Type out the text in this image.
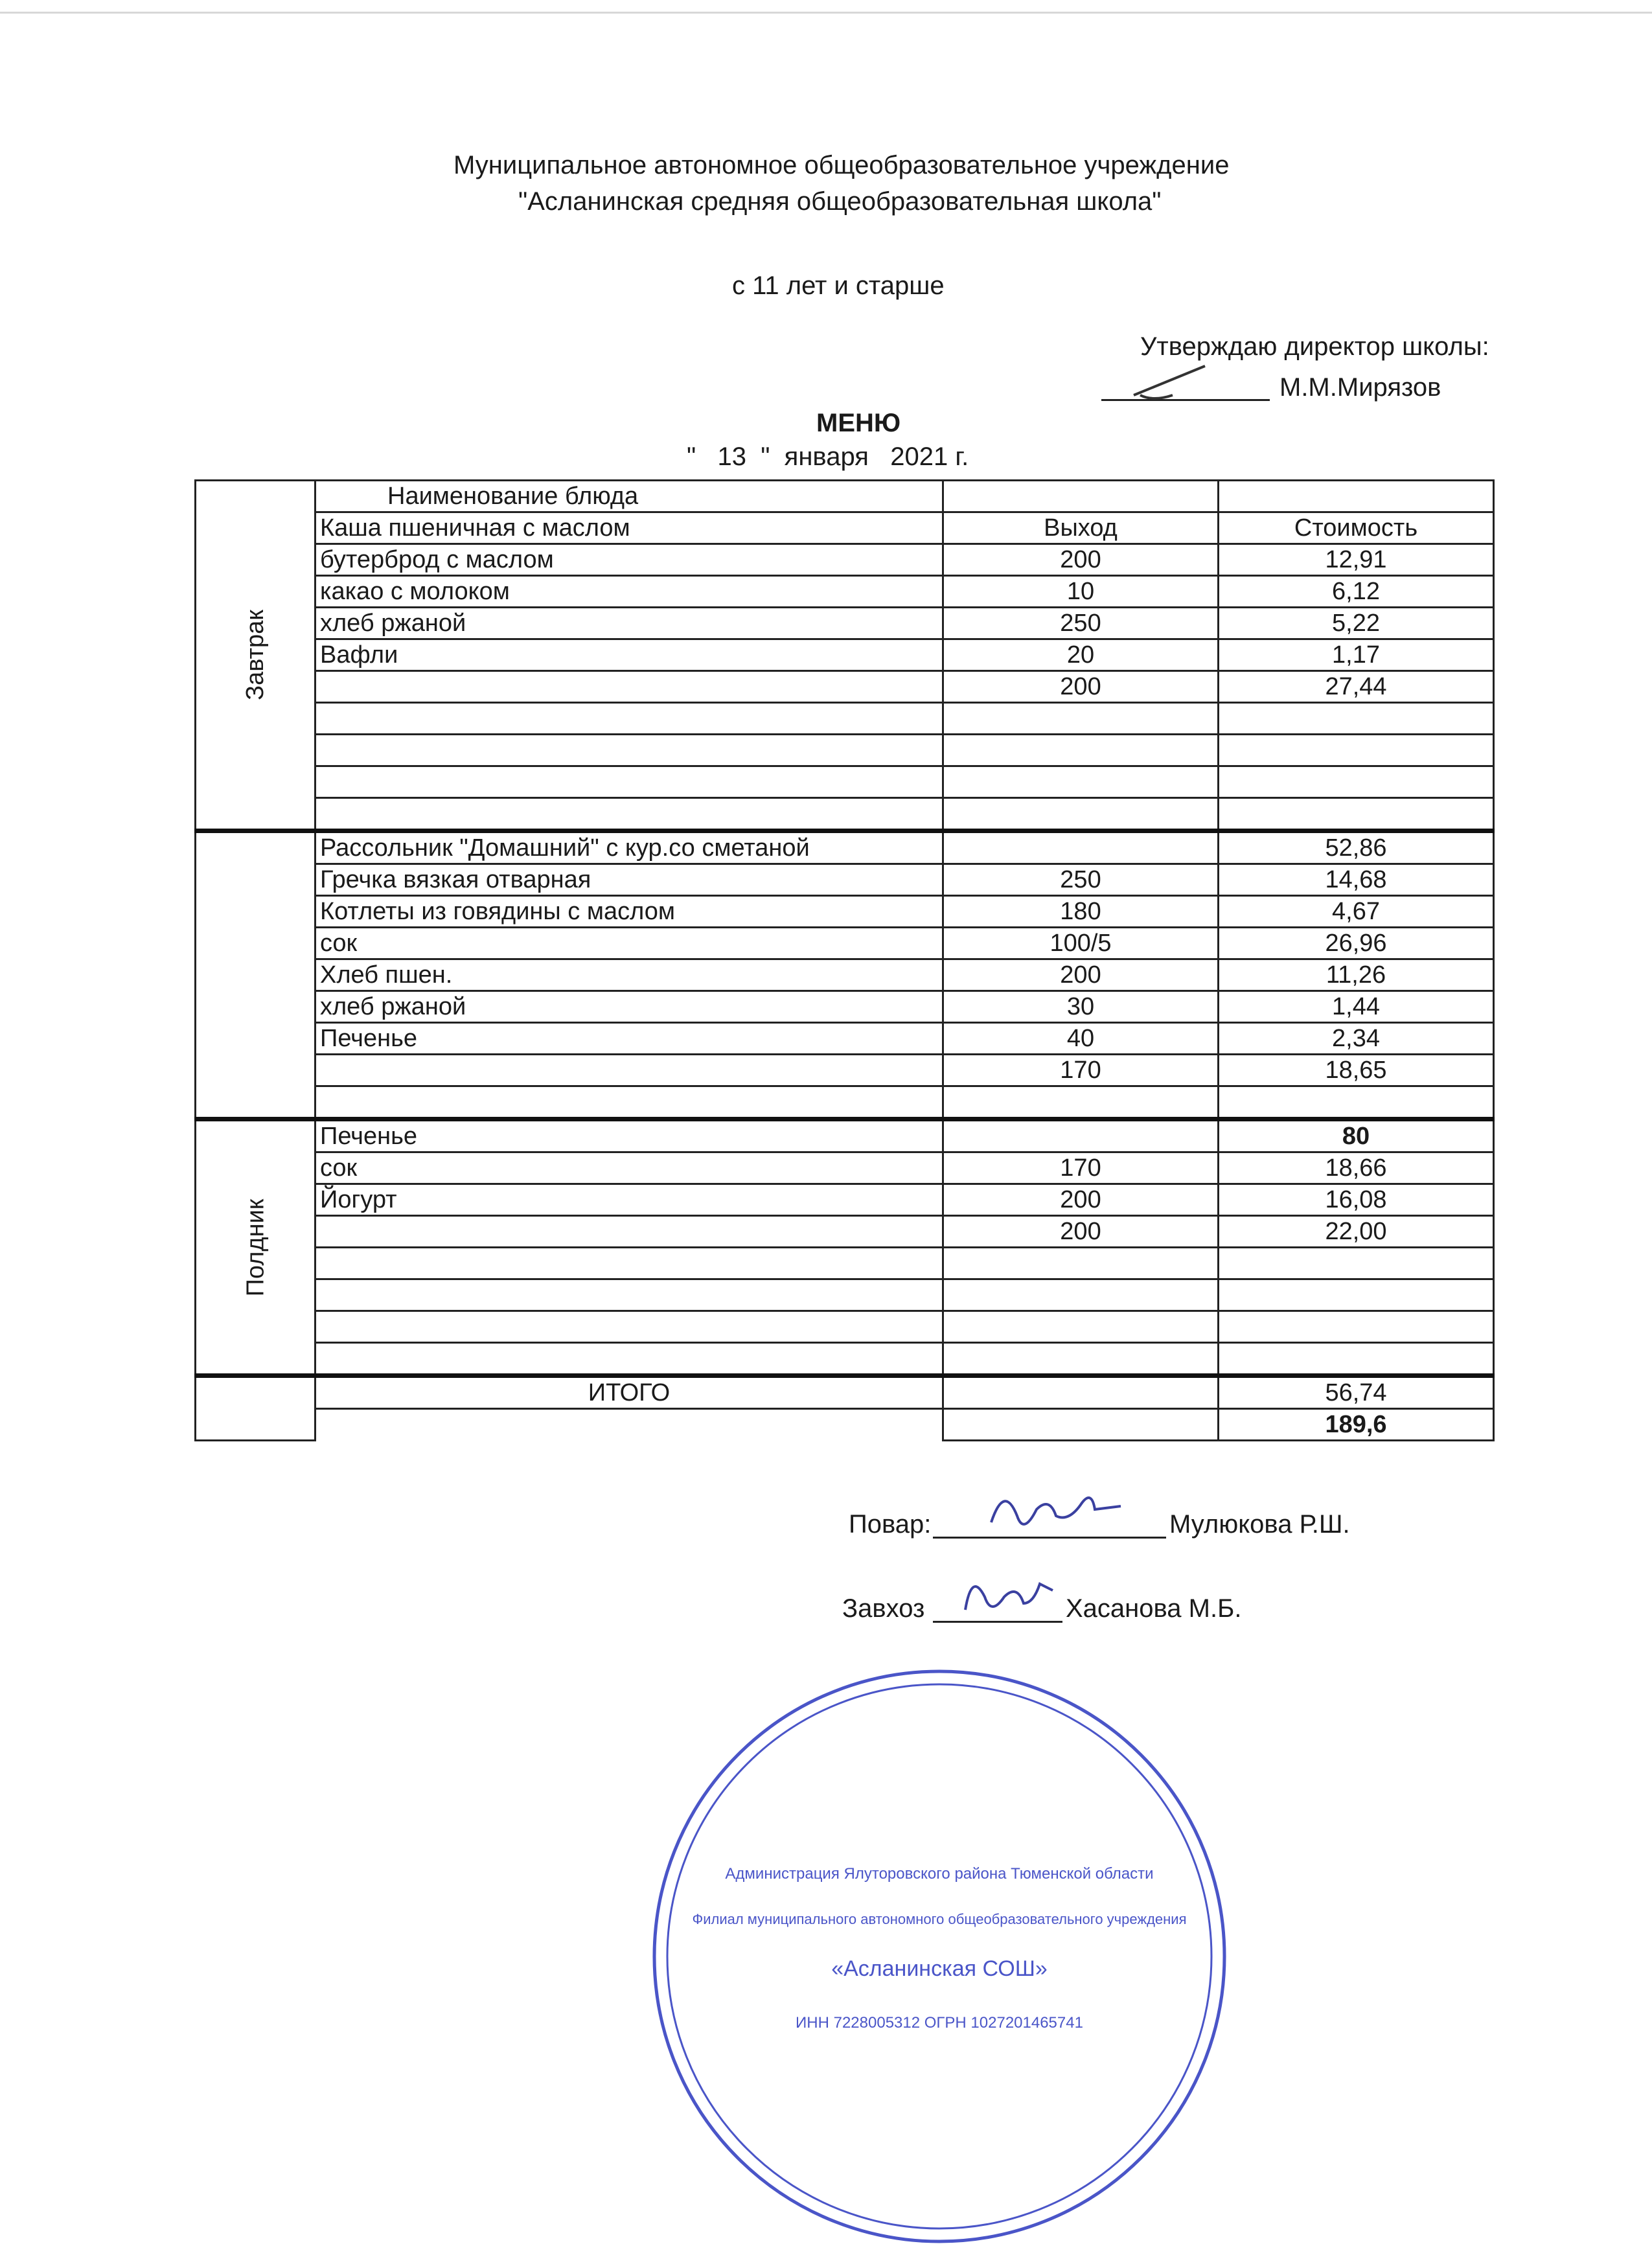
Муниципальное автономное общеобразовательное учреждение
"Асланинская средняя общеобразовательная школа"
с 11 лет и старше
Утверждаю директор школы:
М.М.Мирязов
МЕНЮ
"   13  "  января   2021 г.
Завтрак	Наименование блюда		
	Каша пшеничная с маслом	Выход	Стоимость
	бутерброд с маслом	200	12,91
	какао с молоком	10	6,12
	хлеб ржаной	250	5,22
	Вафли	20	1,17
		200	27,44

	Рассольник "Домашний" с кур.со сметаной		52,86
	Гречка вязкая отварная	250	14,68
	Котлеты из говядины с маслом	180	4,67
	сок	100/5	26,96
	Хлеб пшен.	200	11,26
	хлеб ржаной	30	1,44
	Печенье	40	2,34
		170	18,65

Полдник	Печенье		80
	сок	170	18,66
	Йогурт	200	16,08
		200	22,00

	ИТОГО		56,74
			189,6
Повар:	Мулюкова Р.Ш.
Завхоз	Хасанова М.Б.
Администрация Ялуторовского района Тюменской области
Филиал муниципального автономного общеобразовательного учреждения
«Асланинская СОШ»
ИНН 7228005312 ОГРН 1027201465741
